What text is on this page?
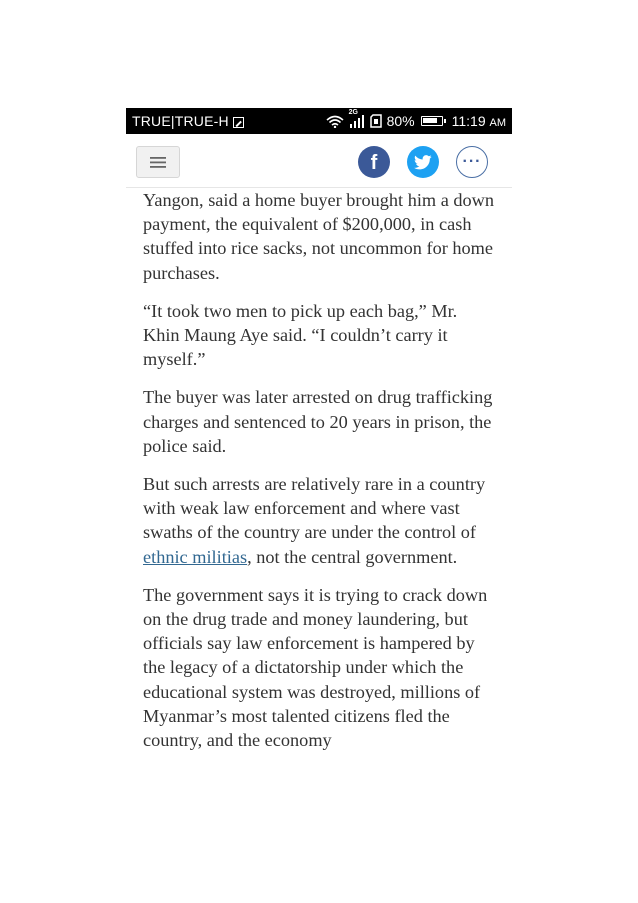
TRUE|TRUE-H
2G
80%	11:19 AM
f	···

Yangon, said a home buyer brought him a down payment, the equivalent of $200,000, in cash stuffed into rice sacks, not uncommon for home purchases.

“It took two men to pick up each bag,” Mr. Khin Maung Aye said. “I couldn’t carry it myself.”

The buyer was later arrested on drug trafficking charges and sentenced to 20 years in prison, the police said.

But such arrests are relatively rare in a country with weak law enforcement and where vast swaths of the country are under the control of ethnic militias, not the central government.

The government says it is trying to crack down on the drug trade and money laundering, but officials say law enforcement is hampered by the legacy of a dictatorship under which the educational system was destroyed, millions of Myanmar’s most talented citizens fled the country, and the economy
